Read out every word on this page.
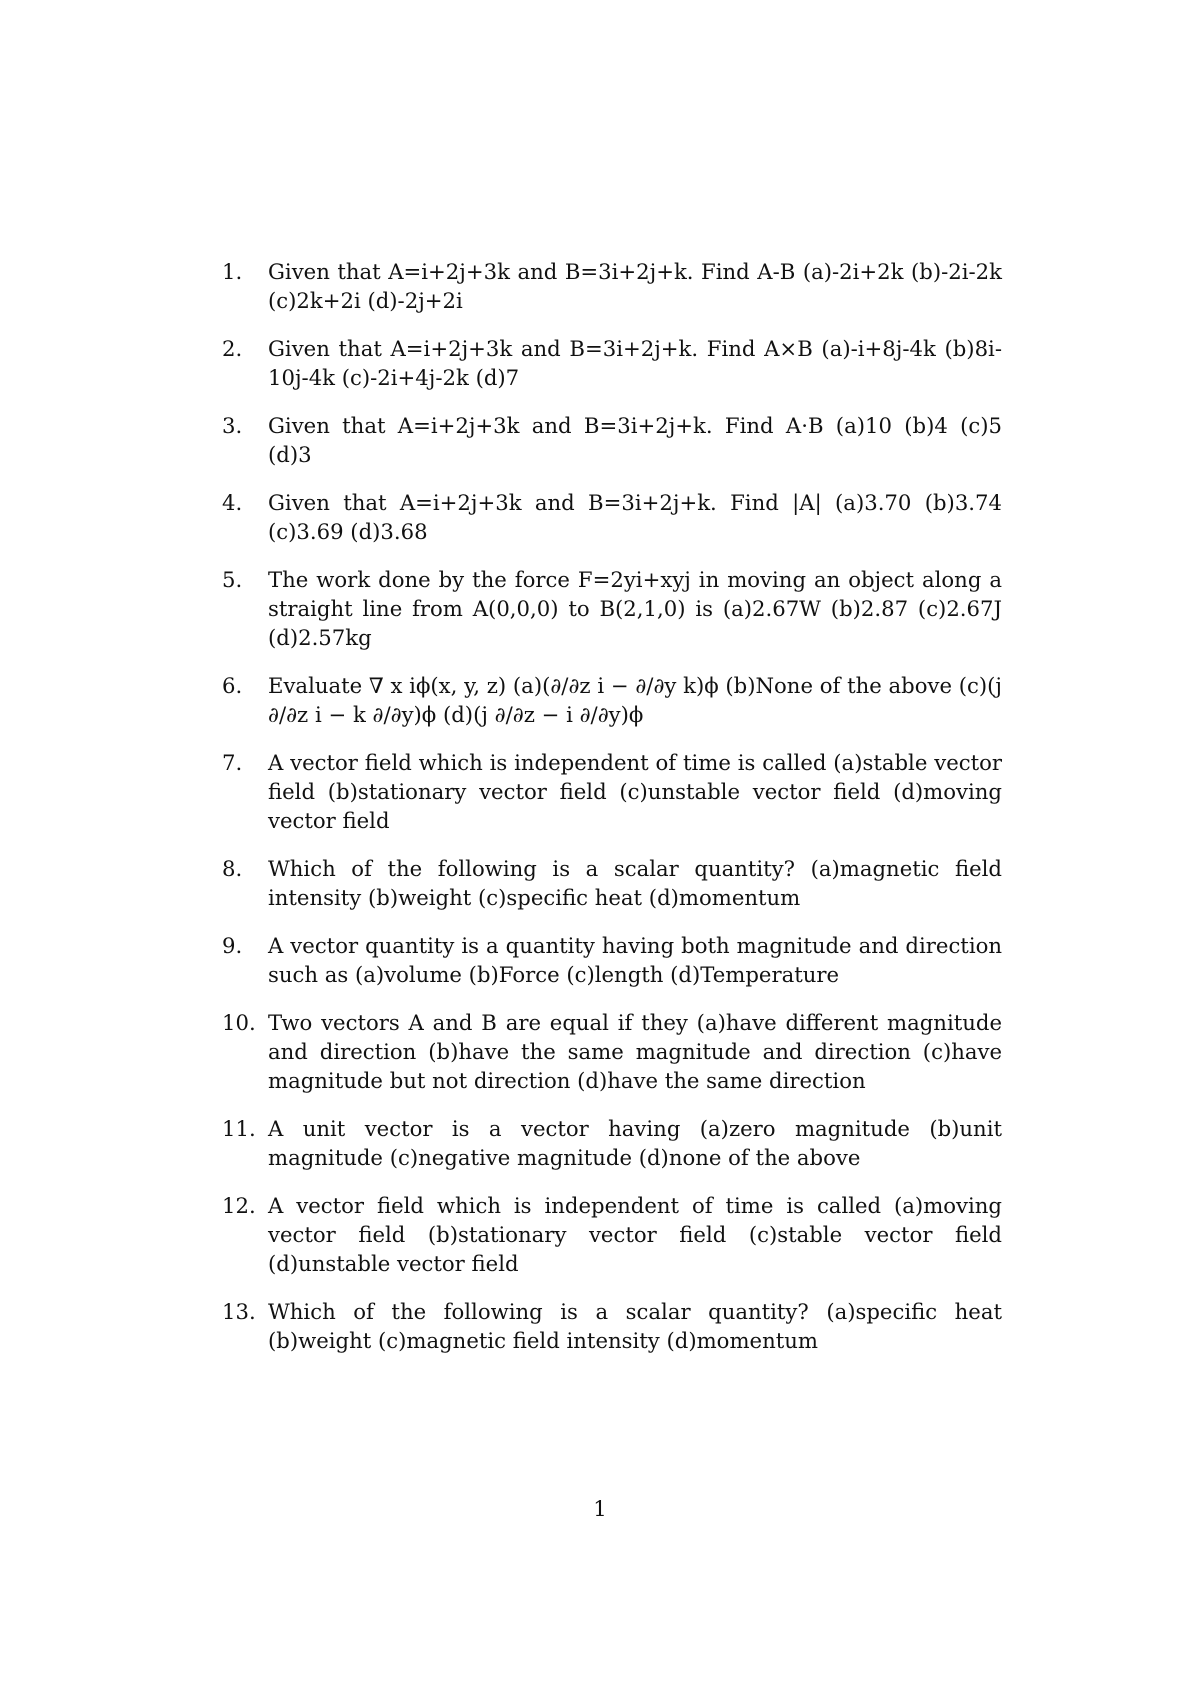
1.	Given that A=i+2j+3k and B=3i+2j+k. Find A-B (a)-2i+2k (b)-2i-2k (c)2k+2i (d)-2j+2i
2.	Given that A=i+2j+3k and B=3i+2j+k. Find A×B (a)-i+8j-4k (b)8i-10j-4k (c)-2i+4j-2k (d)7
3.	Given that A=i+2j+3k and B=3i+2j+k. Find A·B (a)10 (b)4 (c)5 (d)3
4.	Given that A=i+2j+3k and B=3i+2j+k. Find |A| (a)3.70 (b)3.74 (c)3.69 (d)3.68
5.	The work done by the force F=2yi+xyj in moving an object along a straight line from A(0,0,0) to B(2,1,0) is (a)2.67W (b)2.87 (c)2.67J (d)2.57kg
6.	Evaluate ∇ x iϕ(x, y, z) (a)(∂/∂z i − ∂/∂y k)ϕ (b)None of the above (c)(j ∂/∂z i − k ∂/∂y)ϕ (d)(j ∂/∂z − i ∂/∂y)ϕ
7.	A vector field which is independent of time is called (a)stable vector field (b)stationary vector field (c)unstable vector field (d)moving vector field
8.	Which of the following is a scalar quantity? (a)magnetic field intensity (b)weight (c)specific heat (d)momentum
9.	A vector quantity is a quantity having both magnitude and direction such as (a)volume (b)Force (c)length (d)Temperature
10. Two vectors A and B are equal if they (a)have different magnitude and direction (b)have the same magnitude and direction (c)have magnitude but not direction (d)have the same direction
11. A unit vector is a vector having (a)zero magnitude (b)unit magnitude (c)negative magnitude (d)none of the above
12. A vector field which is independent of time is called (a)moving vector field (b)stationary vector field (c)stable vector field (d)unstable vector field
13. Which of the following is a scalar quantity? (a)specific heat (b)weight (c)magnetic field intensity (d)momentum
1
